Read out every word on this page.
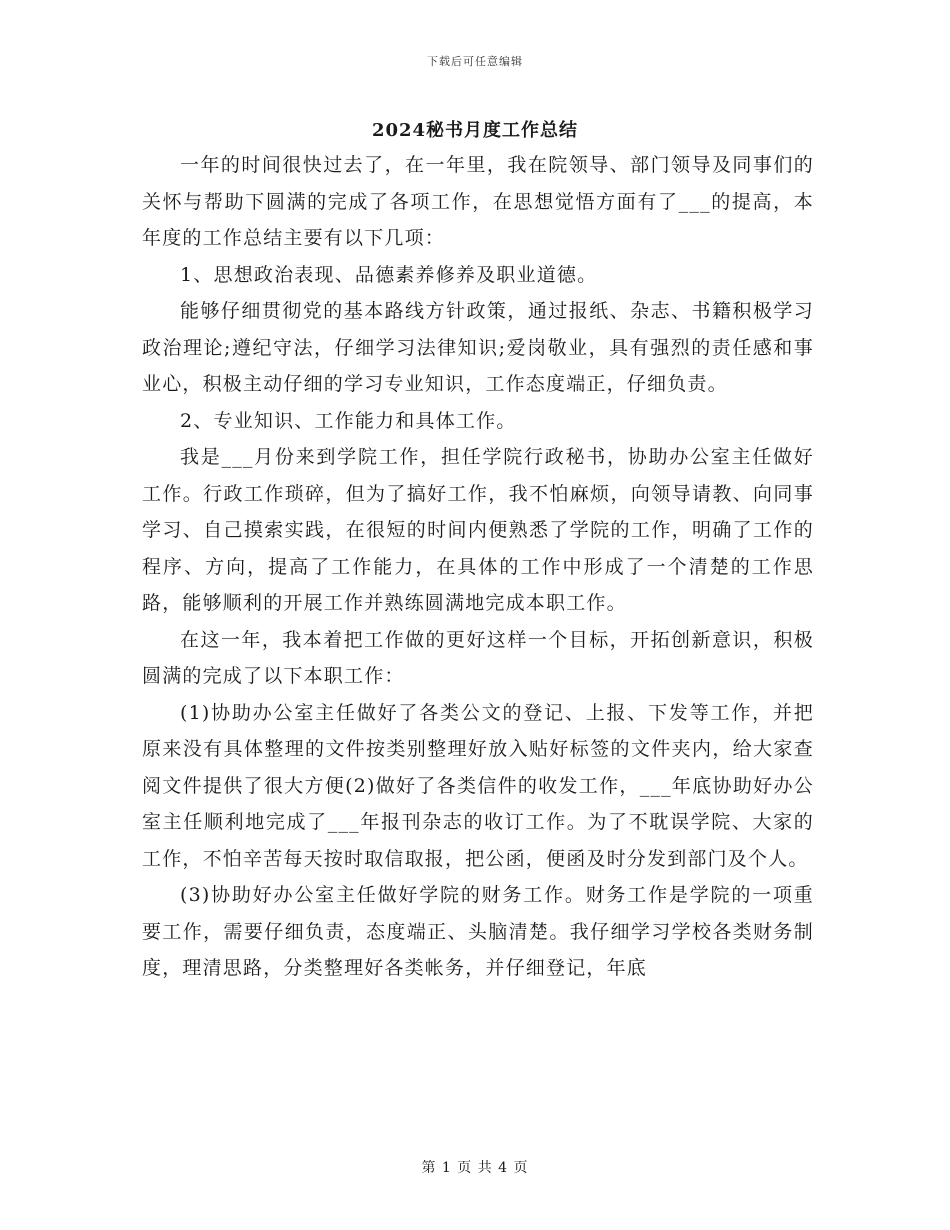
下载后可任意编辑
2024秘书月度工作总结

一年的时间很快过去了，在一年里，我在院领导、部门领导及同事们的关怀与帮助下圆满的完成了各项工作，在思想觉悟方面有了___的提高，本年度的工作总结主要有以下几项：

1、思想政治表现、品德素养修养及职业道德。

能够仔细贯彻党的基本路线方针政策，通过报纸、杂志、书籍积极学习政治理论;遵纪守法，仔细学习法律知识;爱岗敬业，具有强烈的责任感和事业心，积极主动仔细的学习专业知识，工作态度端正，仔细负责。

2、专业知识、工作能力和具体工作。

我是___月份来到学院工作，担任学院行政秘书，协助办公室主任做好工作。行政工作琐碎，但为了搞好工作，我不怕麻烦，向领导请教、向同事学习、自己摸索实践，在很短的时间内便熟悉了学院的工作，明确了工作的程序、方向，提高了工作能力，在具体的工作中形成了一个清楚的工作思路，能够顺利的开展工作并熟练圆满地完成本职工作。

在这一年，我本着把工作做的更好这样一个目标，开拓创新意识，积极圆满的完成了以下本职工作：

(1)协助办公室主任做好了各类公文的登记、上报、下发等工作，并把原来没有具体整理的文件按类别整理好放入贴好标签的文件夹内，给大家查阅文件提供了很大方便(2)做好了各类信件的收发工作，___年底协助好办公室主任顺利地完成了___年报刊杂志的收订工作。为了不耽误学院、大家的工作，不怕辛苦每天按时取信取报，把公函，便函及时分发到部门及个人。

(3)协助好办公室主任做好学院的财务工作。财务工作是学院的一项重要工作，需要仔细负责，态度端正、头脑清楚。我仔细学习学校各类财务制度，理清思路，分类整理好各类帐务，并仔细登记，年底

第 1 页 共 4 页
